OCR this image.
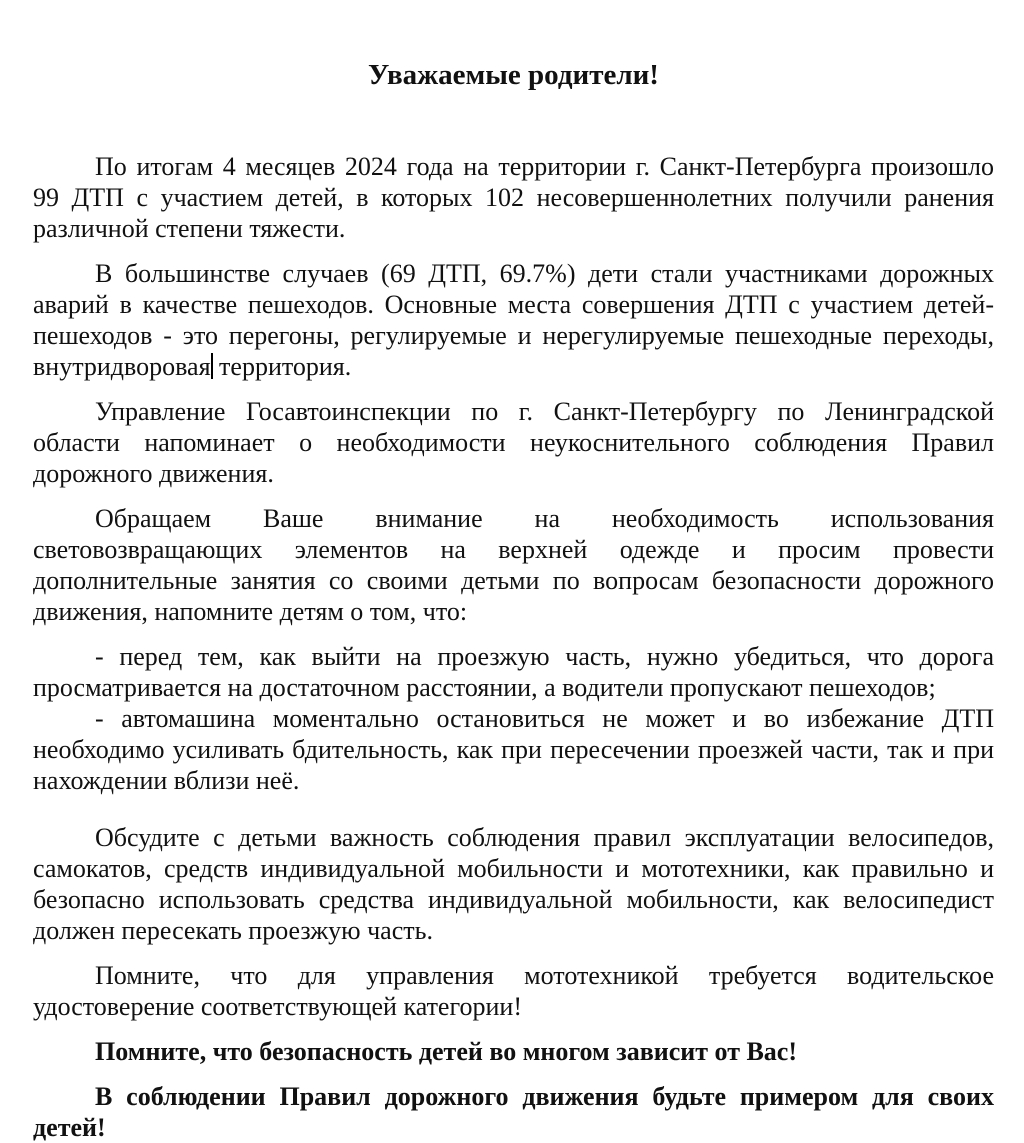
Уважаемые родители!

По итогам 4 месяцев 2024 года на территории г. Санкт-Петербурга произошло 99 ДТП с участием детей, в которых 102 несовершеннолетних получили ранения различной степени тяжести.

В большинстве случаев (69 ДТП, 69.7%) дети стали участниками дорожных аварий в качестве пешеходов. Основные места совершения ДТП с участием детей-пешеходов - это перегоны, регулируемые и нерегулируемые пешеходные переходы, внутридворовая территория.

Управление Госавтоинспекции по г. Санкт-Петербургу по Ленинградской области напоминает о необходимости неукоснительного соблюдения Правил дорожного движения.

Обращаем Ваше внимание на необходимость использования световозвращающих элементов на верхней одежде и просим провести дополнительные занятия со своими детьми по вопросам безопасности дорожного движения, напомните детям о том, что:

- перед тем, как выйти на проезжую часть, нужно убедиться, что дорога просматривается на достаточном расстоянии, а водители пропускают пешеходов;

- автомашина моментально остановиться не может и во избежание ДТП необходимо усиливать бдительность, как при пересечении проезжей части, так и при нахождении вблизи неё.

Обсудите с детьми важность соблюдения правил эксплуатации велосипедов, самокатов, средств индивидуальной мобильности и мототехники, как правильно и безопасно использовать средства индивидуальной мобильности, как велосипедист должен пересекать проезжую часть.

Помните, что для управления мототехникой требуется водительское удостоверение соответствующей категории!

Помните, что безопасность детей во многом зависит от Вас!

В соблюдении Правил дорожного движения будьте примером для своих детей!
